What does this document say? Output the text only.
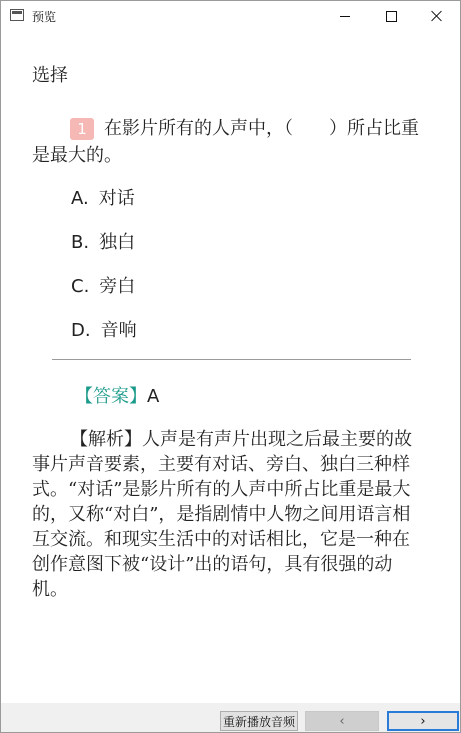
预览
选择
1 在影片所有的人声中，（　　）所占比重是最大的。
A. 对话
B. 独白
C. 旁白
D. 音响
【答案】A
【解析】人声是有声片出现之后最主要的故事片声音要素，主要有对话、旁白、独白三种样式。“对话”是影片所有的人声中所占比重是最大的，又称“对白”，是指剧情中人物之间用语言相互交流。和现实生活中的对话相比，它是一种在创作意图下被“设计”出的语句，具有很强的动机。
重新播放音频	‹	›
